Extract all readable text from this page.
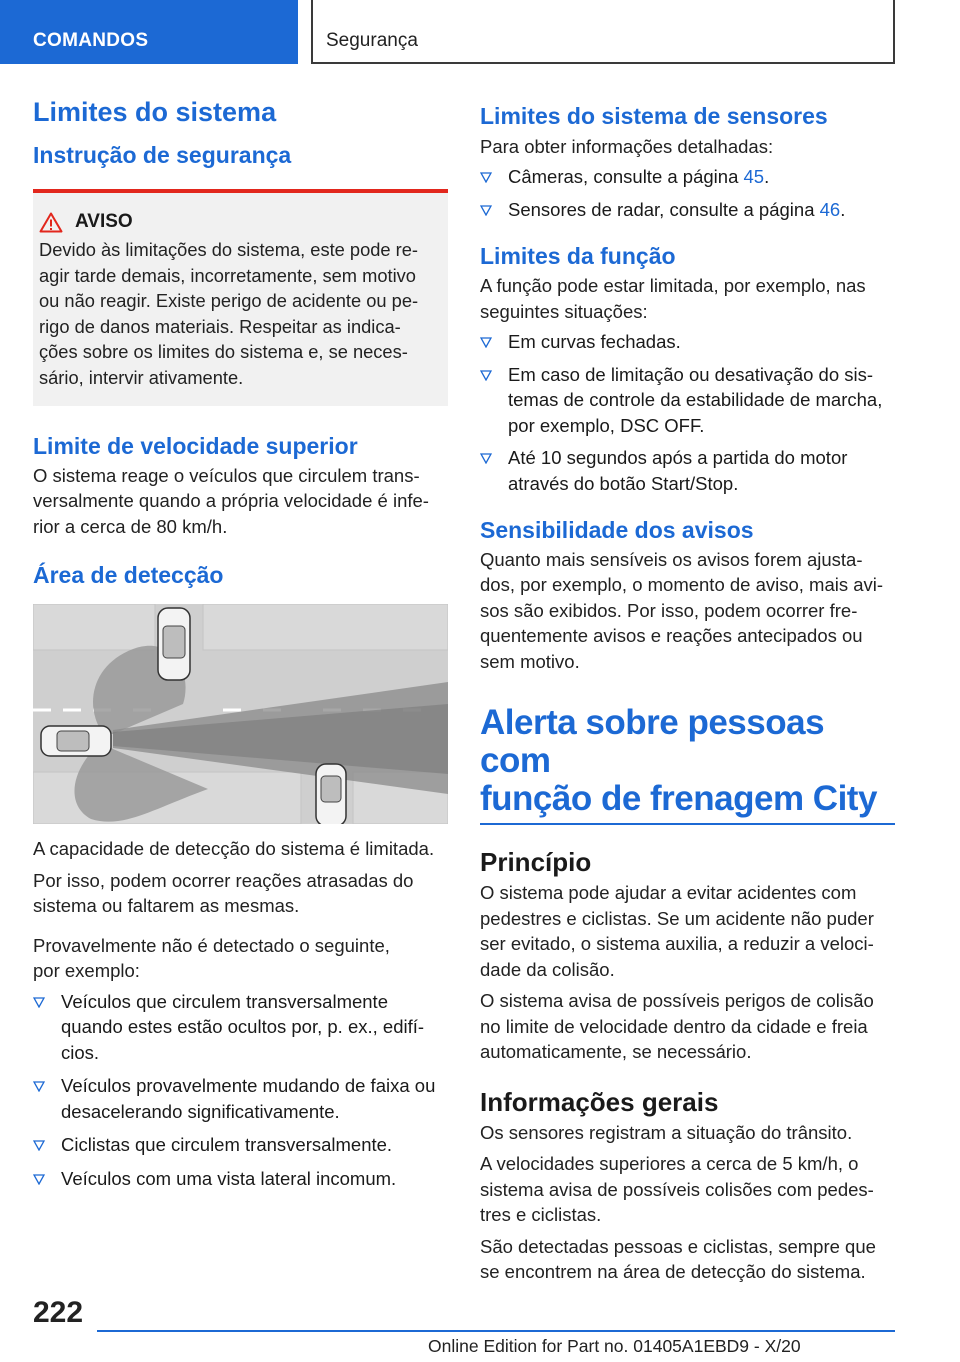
COMANDOS	Segurança
Limites do sistema
Instrução de segurança
AVISO
Devido às limitações do sistema, este pode re‐
agir tarde demais, incorretamente, sem motivo
ou não reagir. Existe perigo de acidente ou pe‐
rigo de danos materiais. Respeitar as indica‐
ções sobre os limites do sistema e, se neces‐
sário, intervir ativamente.
Limite de velocidade superior
O sistema reage o veículos que circulem trans‐
versalmente quando a própria velocidade é infe‐
rior a cerca de 80 km/h.
Área de detecção
A capacidade de detecção do sistema é limitada.
Por isso, podem ocorrer reações atrasadas do
sistema ou faltarem as mesmas.
Provavelmente não é detectado o seguinte,
por exemplo:
Veículos que circulem transversalmente
quando estes estão ocultos por, p. ex., edifí‐
cios.
Veículos provavelmente mudando de faixa ou
desacelerando significativamente.
Ciclistas que circulem transversalmente.
Veículos com uma vista lateral incomum.
Limites do sistema de sensores
Para obter informações detalhadas:
Câmeras, consulte a página 45.
Sensores de radar, consulte a página 46.
Limites da função
A função pode estar limitada, por exemplo, nas
seguintes situações:
Em curvas fechadas.
Em caso de limitação ou desativação do sis‐
temas de controle da estabilidade de marcha,
por exemplo, DSC OFF.
Até 10 segundos após a partida do motor
através do botão Start/Stop.
Sensibilidade dos avisos
Quanto mais sensíveis os avisos forem ajusta‐
dos, por exemplo, o momento de aviso, mais avi‐
sos são exibidos. Por isso, podem ocorrer fre‐
quentemente avisos e reações antecipados ou
sem motivo.
Alerta sobre pessoas com
função de frenagem City
Princípio
O sistema pode ajudar a evitar acidentes com
pedestres e ciclistas. Se um acidente não puder
ser evitado, o sistema auxilia, a reduzir a veloci‐
dade da colisão.
O sistema avisa de possíveis perigos de colisão
no limite de velocidade dentro da cidade e freia
automaticamente, se necessário.
Informações gerais
Os sensores registram a situação do trânsito.
A velocidades superiores a cerca de 5 km/h, o
sistema avisa de possíveis colisões com pedes‐
tres e ciclistas.
São detectadas pessoas e ciclistas, sempre que
se encontrem na área de detecção do sistema.
222
Online Edition for Part no. 01405A1EBD9 - X/20
